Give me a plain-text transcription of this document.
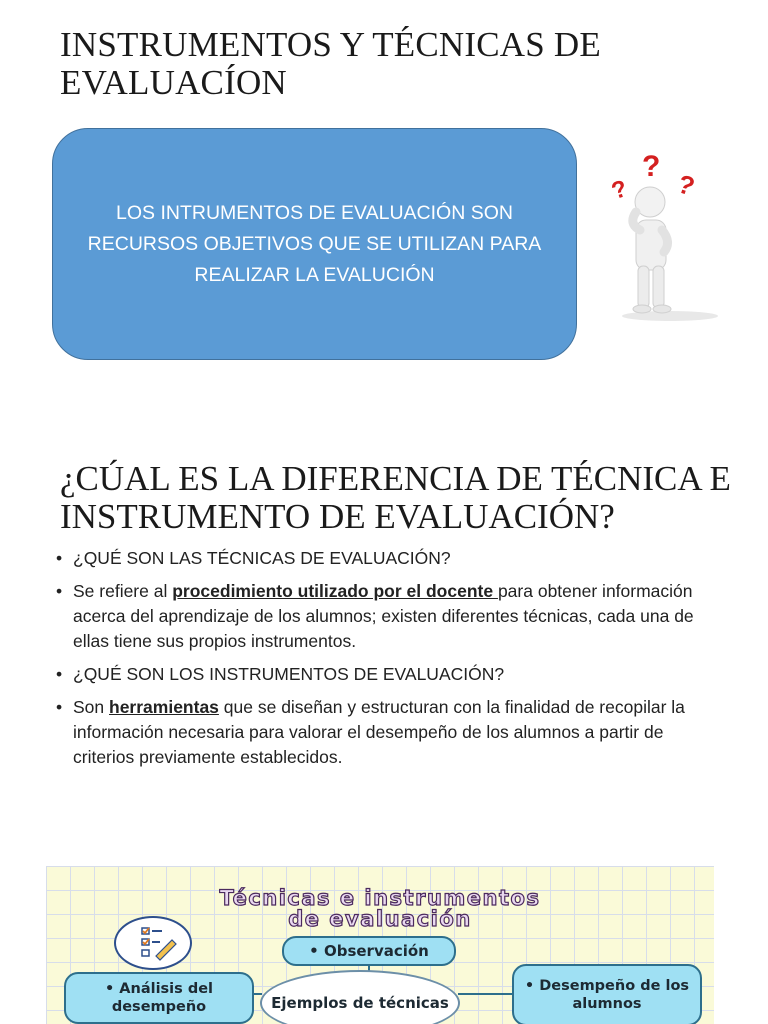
INSTRUMENTOS Y TÉCNICAS DE EVALUACÍON
LOS INTRUMENTOS DE EVALUACIÓN SON RECURSOS OBJETIVOS QUE SE UTILIZAN PARA REALIZAR LA EVALUCIÓN
?
? ?
¿CÚAL ES LA DIFERENCIA DE TÉCNICA E INSTRUMENTO DE EVALUACIÓN?
• ¿QUÉ SON LAS TÉCNICAS DE EVALUACIÓN?
• Se refiere al procedimiento utilizado por el docente para obtener información acerca del aprendizaje de los alumnos; existen diferentes técnicas, cada una de ellas tiene sus propios instrumentos.
• ¿QUÉ SON LOS INSTRUMENTOS DE EVALUACIÓN?
• Son herramientas que se diseñan y estructuran con la finalidad de recopilar la información necesaria para valorar el desempeño de los alumnos a partir de criterios previamente establecidos.
Técnicas e instrumentos
de evaluación
• Observación
Ejemplos de técnicas
• Análisis del desempeño
• Desempeño de los alumnos
